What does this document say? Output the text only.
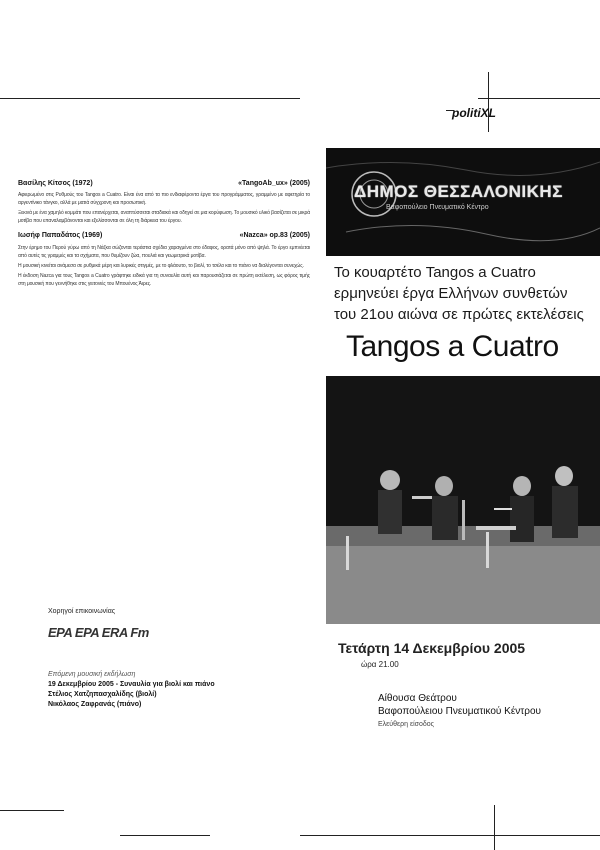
politiXL
Βασίλης Κίτσος (1972)	«TangoAb_ux» (2005)

Αφιερωμένο στις Ρυθμούς του Tangos a Cuatro. Είναι ένα από τα πιο ενδιαφέροντα έργα του προγράμματος, γραμμένο με αφετηρία το αργεντίνικο τάνγκο, αλλά με ματιά σύγχρονη και προσωπική.

Ξεκινά με ένα χαμηλό κομμάτι που επανέρχεται, αναπτύσσεται σταδιακά και οδηγεί σε μια κορύφωση. Το μουσικό υλικό βασίζεται σε μικρά μοτίβα που επαναλαμβάνονται και εξελίσσονται σε όλη τη διάρκεια του έργου.

Ιωσήφ Παπαδάτος (1969)	«Nazca» op.83 (2005)

Στην έρημο του Περού γύρω από τη Νάζκα σώζονται τεράστια σχέδια χαραγμένα στο έδαφος, ορατά μόνο από ψηλά. Το έργο εμπνέεται από αυτές τις γραμμές και τα σχήματα, που θυμίζουν ζώα, πουλιά και γεωμετρικά μοτίβα.

Η μουσική κινείται ανάμεσα σε ρυθμικά μέρη και λυρικές στιγμές, με το φλάουτο, το βιολί, το τσέλο και το πιάνο να διαλέγονται συνεχώς.

Η έκδοση Nazca για τους Tangos a Cuatro γράφτηκε ειδικά για τη συναυλία αυτή και παρουσιάζεται σε πρώτη εκτέλεση, ως φόρος τιμής στη μουσική που γεννήθηκε στις γειτονιές του Μπουένος Άιρες.

Χορηγοί επικοινωνίας
ΕΡΑ ΕΡΑ ERA Fm
Επόμενη μουσική εκδήλωση
19 Δεκεμβρίου 2005 - Συναυλία για βιολί και πιάνο
Στέλιος Χατζηπασχαλίδης (βιολί)
Νικόλαος Ζαφρανάς (πιάνο)
ΔΗΜΟΣ ΘΕΣΣΑΛΟΝΙΚΗΣ
Βαφοπούλειο Πνευματικό Κέντρο
Το κουαρτέτο Tangos a Cuatro
ερμηνεύει έργα Ελλήνων συνθετών
του 21ου αιώνα σε πρώτες εκτελέσεις
Tangos a Cuatro
Τετάρτη 14 Δεκεμβρίου 2005
ώρα 21.00
Αίθουσα Θεάτρου
Βαφοπούλειου Πνευματικού Κέντρου
Ελεύθερη είσοδος
